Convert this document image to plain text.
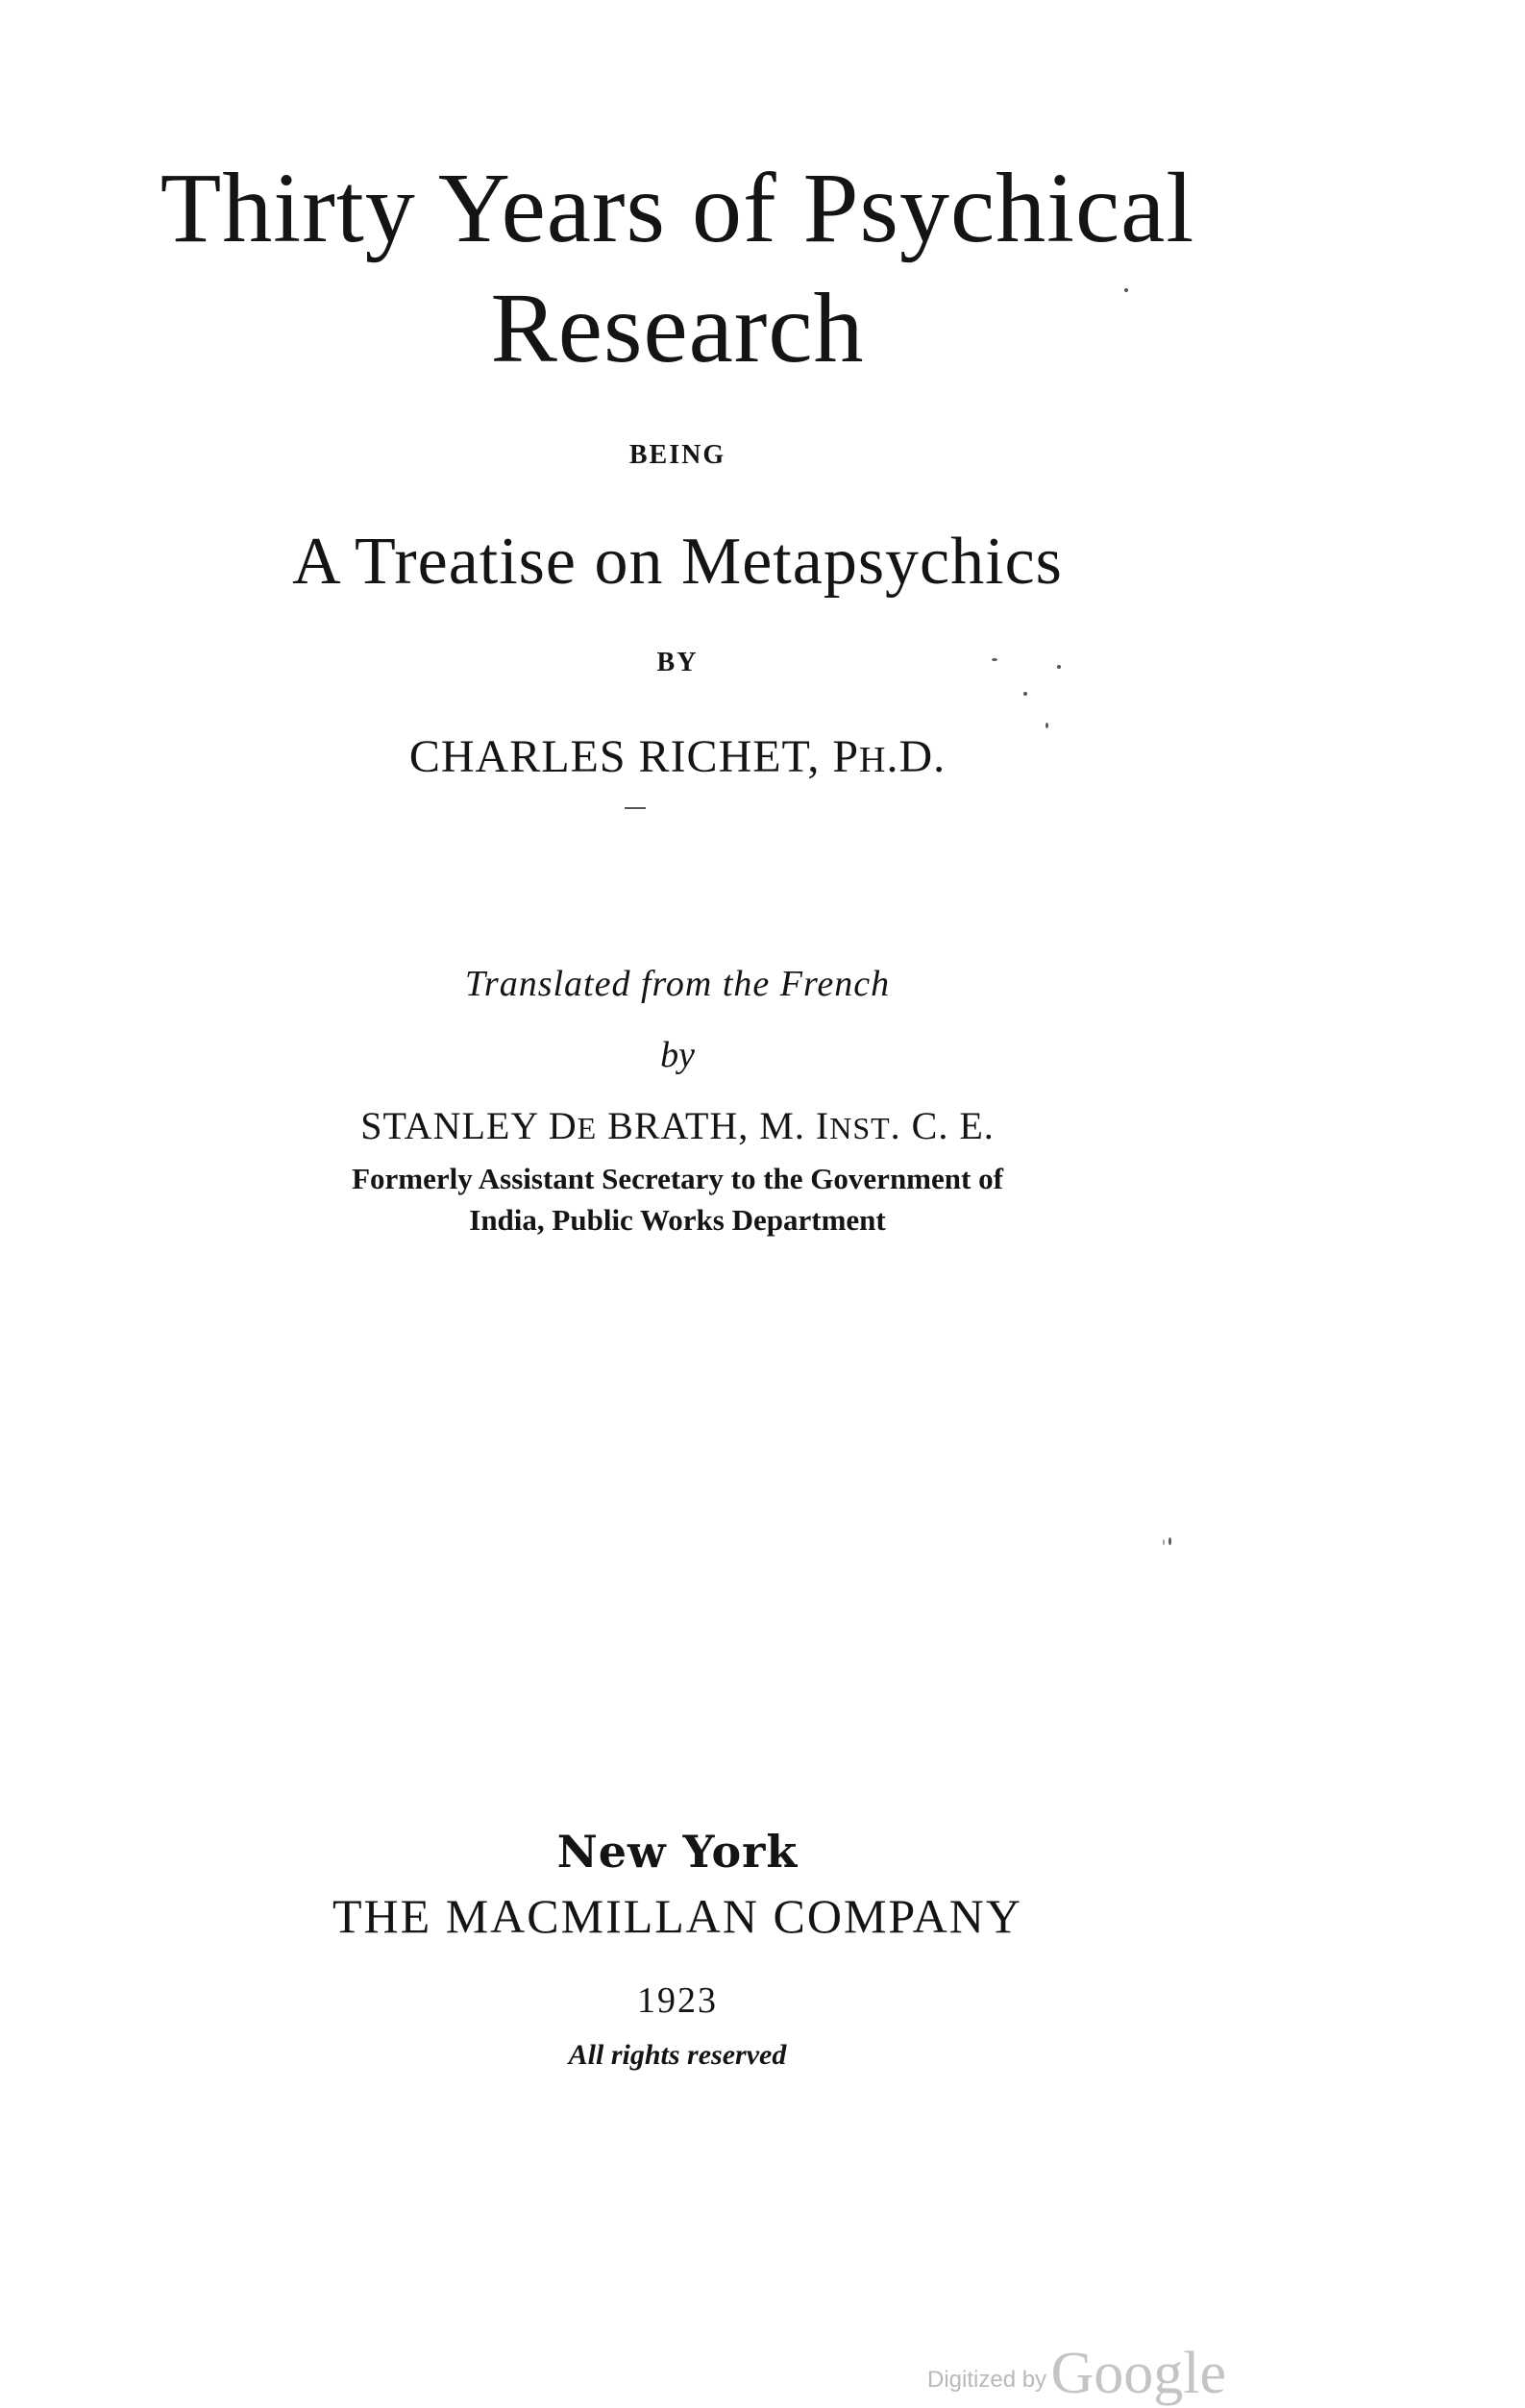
Thirty Years of Psychical
Research
BEING
A Treatise on Metapsychics
BY
CHARLES RICHET, PH.D.
Translated from the French
by
STANLEY DE BRATH, M. INST. C. E.
Formerly Assistant Secretary to the Government of
India, Public Works Department
New York
THE MACMILLAN COMPANY
1923
All rights reserved
Digitized by Google
